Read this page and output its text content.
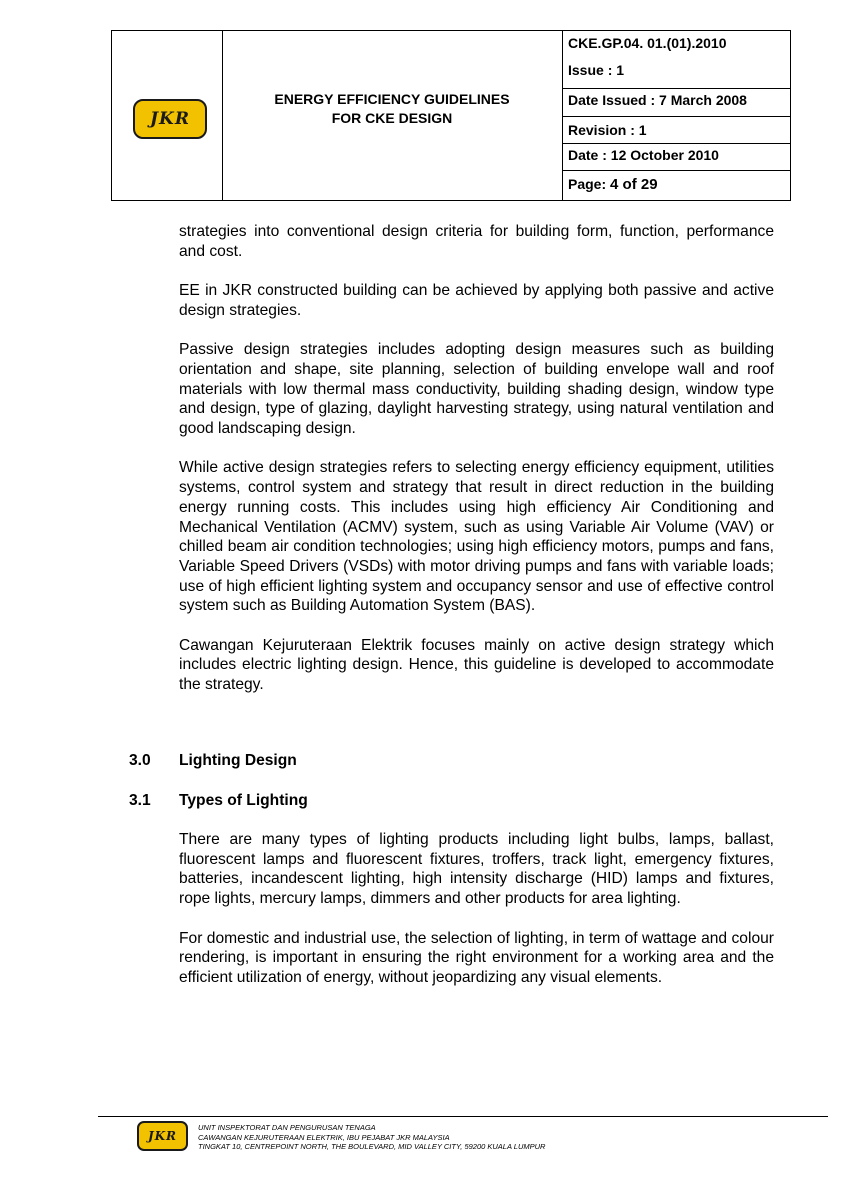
JKR
ENERGY EFFICIENCY GUIDELINES
FOR CKE DESIGN
CKE.GP.04. 01.(01).2010
Issue : 1
Date Issued : 7 March 2008
Revision : 1
Date : 12 October 2010
Page: 4 of 29

strategies into conventional design criteria for building form, function, performance and cost.

EE in JKR constructed building can be achieved by applying both passive and active design strategies.

Passive design strategies includes adopting design measures such as building orientation and shape, site planning, selection of building envelope wall and roof materials with low thermal mass conductivity, building shading design, window type and design, type of glazing, daylight harvesting strategy, using natural ventilation and good landscaping design.

While active design strategies refers to selecting energy efficiency equipment, utilities systems, control system and strategy that result in direct reduction in the building energy running costs. This includes using high efficiency Air Conditioning and Mechanical Ventilation (ACMV) system, such as using Variable Air Volume (VAV) or chilled beam air condition technologies; using high efficiency motors, pumps and fans, Variable Speed Drivers (VSDs) with motor driving pumps and fans with variable loads; use of high efficient lighting system and occupancy sensor and use of effective control system such as Building Automation System (BAS).

Cawangan Kejuruteraan Elektrik focuses mainly on active design strategy which includes electric lighting design. Hence, this guideline is developed to accommodate the strategy.

3.0	Lighting Design
3.1	Types of Lighting

There are many types of lighting products including light bulbs, lamps, ballast, fluorescent lamps and fluorescent fixtures, troffers, track light, emergency fixtures, batteries, incandescent lighting, high intensity discharge (HID) lamps and fixtures, rope lights, mercury lamps, dimmers and other products for area lighting.

For domestic and industrial use, the selection of lighting, in term of wattage and colour rendering, is important in ensuring the right environment for a working area and the efficient utilization of energy, without jeopardizing any visual elements.

JKR
UNIT INSPEKTORAT DAN PENGURUSAN TENAGA
CAWANGAN KEJURUTERAAN ELEKTRIK, IBU PEJABAT JKR MALAYSIA
TINGKAT 10, CENTREPOINT NORTH, THE BOULEVARD, MID VALLEY CITY, 59200 KUALA LUMPUR
